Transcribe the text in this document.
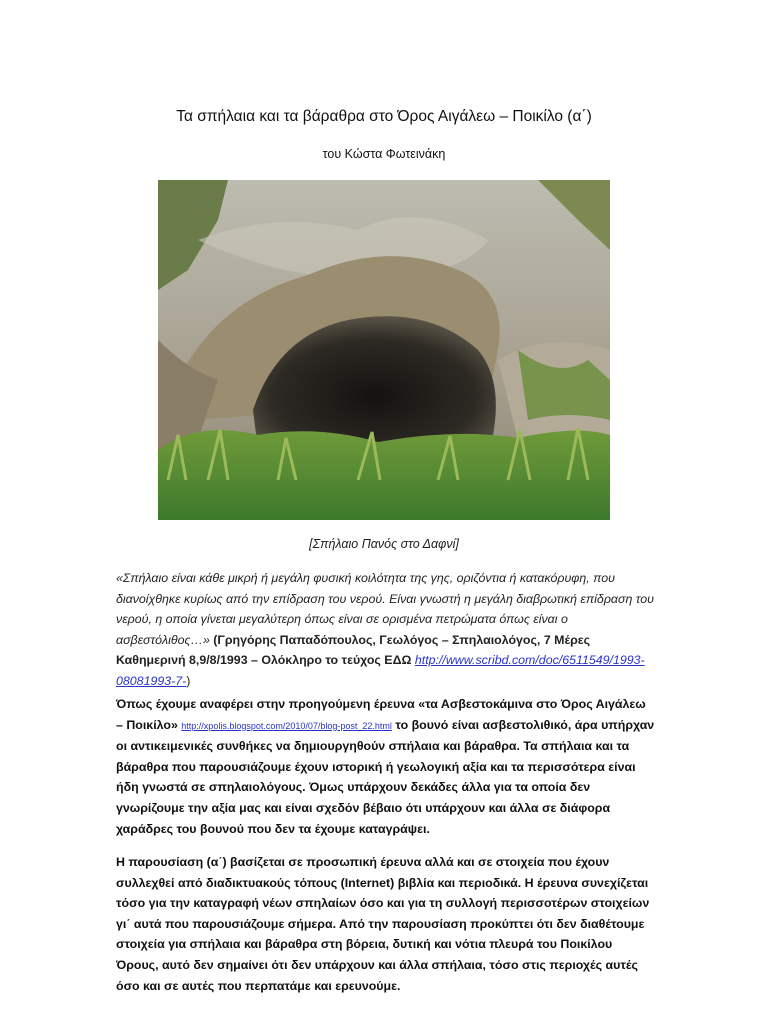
Τα σπήλαια και τα βάραθρα στο Όρος Αιγάλεω – Ποικίλο (α΄)
του Κώστα Φωτεινάκη
[Σπήλαιο Πανός στο Δαφνί]
«Σπήλαιο είναι κάθε μικρή ή μεγάλη φυσική κοιλότητα της γης, οριζόντια ή κατακόρυφη, που διανοίχθηκε κυρίως από την επίδραση του νερού. Είναι γνωστή η μεγάλη διαβρωτική επίδραση του νερού, η οποία γίνεται μεγαλύτερη όπως είναι σε ορισμένα πετρώματα όπως είναι ο ασβεστόλιθος…» (Γρηγόρης Παπαδόπουλος, Γεωλόγος – Σπηλαιολόγος, 7 Μέρες Καθημερινή 8,9/8/1993 – Ολόκληρο το τεύχος ΕΔΩ http://www.scribd.com/doc/6511549/1993-08081993-7-)
Όπως έχουμε αναφέρει στην προηγούμενη έρευνα «τα Ασβεστοκάμινα στο Όρος Αιγάλεω – Ποικίλο» http://xpolis.blogspot.com/2010/07/blog-post_22.html το βουνό είναι ασβεστολιθικό, άρα υπήρχαν οι αντικειμενικές συνθήκες να δημιουργηθούν σπήλαια και βάραθρα. Τα σπήλαια και τα βάραθρα που παρουσιάζουμε έχουν ιστορική ή γεωλογική αξία και τα περισσότερα είναι ήδη γνωστά σε σπηλαιολόγους. Όμως υπάρχουν δεκάδες άλλα για τα οποία δεν γνωρίζουμε την αξία μας και είναι σχεδόν βέβαιο ότι υπάρχουν και άλλα σε διάφορα χαράδρες του βουνού που δεν τα έχουμε καταγράψει.
Η παρουσίαση (α΄) βασίζεται σε προσωπική έρευνα αλλά και σε στοιχεία που έχουν συλλεχθεί από διαδικτυακούς τόπους (Internet) βιβλία και περιοδικά. Η έρευνα συνεχίζεται τόσο για την καταγραφή νέων σπηλαίων όσο και για τη συλλογή περισσοτέρων στοιχείων γι΄ αυτά που παρουσιάζουμε σήμερα. Από την παρουσίαση προκύπτει ότι δεν διαθέτουμε στοιχεία για σπήλαια και βάραθρα στη βόρεια, δυτική και νότια πλευρά του Ποικίλου Όρους, αυτό δεν σημαίνει ότι δεν υπάρχουν και άλλα σπήλαια, τόσο στις περιοχές αυτές όσο και σε αυτές που περπατάμε και ερευνούμε.
